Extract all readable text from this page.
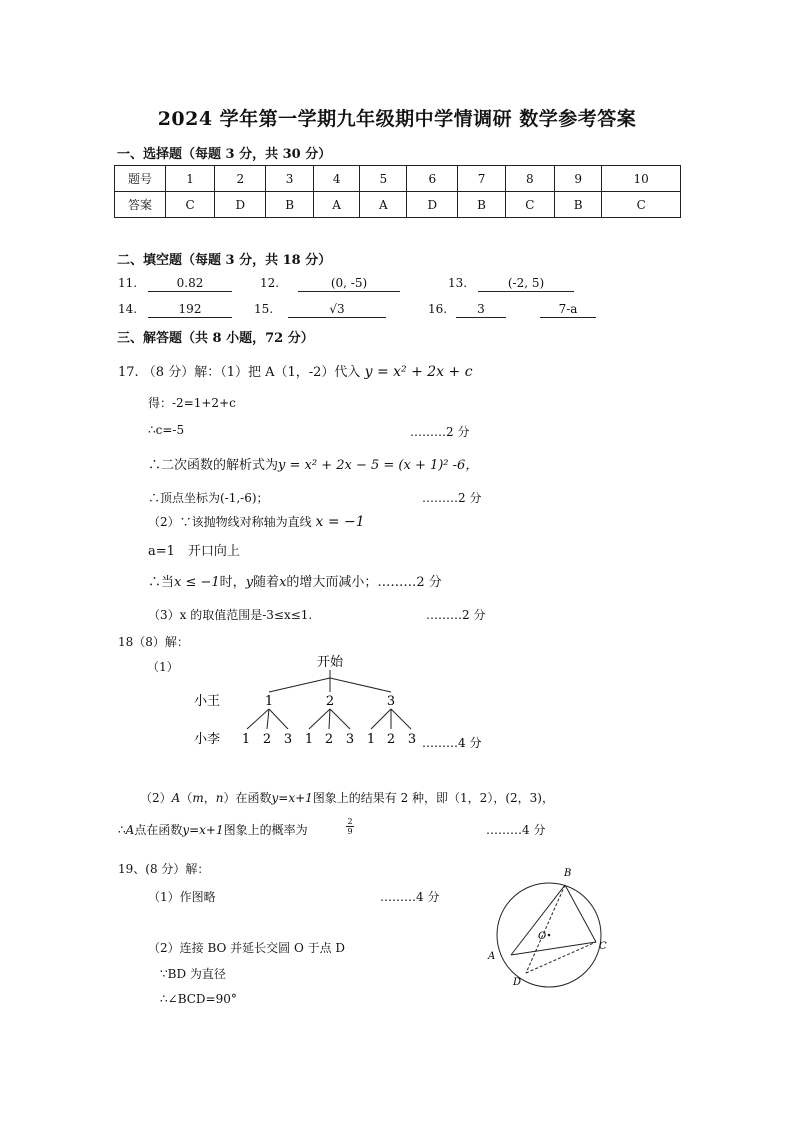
2024 学年第一学期九年级期中学情调研 数学参考答案
一、选择题（每题 3 分，共 30 分）
题号	1	2	3	4	5	6	7	8	9	10
答案	C	D	B	A	A	D	B	C	B	C
二、填空题（每题 3 分，共 18 分）
11.	0.82	12.	(0, -5)	13.	(-2, 5)
14.	192	15.	√3	16.	3	7-a
三、解答题（共 8 小题，72 分）
17. （8 分）解：（1）把 A（1，-2）代入 y = x² + 2x + c
得：-2=1+2+c
∴c=-5	………2 分
∴二次函数的解析式为y = x² + 2x − 5 = (x + 1)² -6，
∴顶点坐标为(-1,-6)；	………2 分
（2）∵该抛物线对称轴为直线 x = −1
a=1　开口向上
∴当x ≤ −1时，y随着x的增大而减小；………2 分
（3）x 的取值范围是-3≤x≤1.	………2 分
18（8）解：
（1）	开始
小王	1	2	3
小李 1 2 3 1 2 3 1 2 3 ………4 分
（2）A（m，n）在函数y=x+1图象上的结果有 2 种，即（1，2），(2，3)，
∴A点在函数y=x+1图象上的概率为	$\frac{2}{9}$	………4 分
19、(8 分）解：
（1）作图略	………4 分
（2）连接 BO 并延长交圆 O 于点 D
∵BD 为直径
∴∠BCD=90°
B
O
A
C
D
